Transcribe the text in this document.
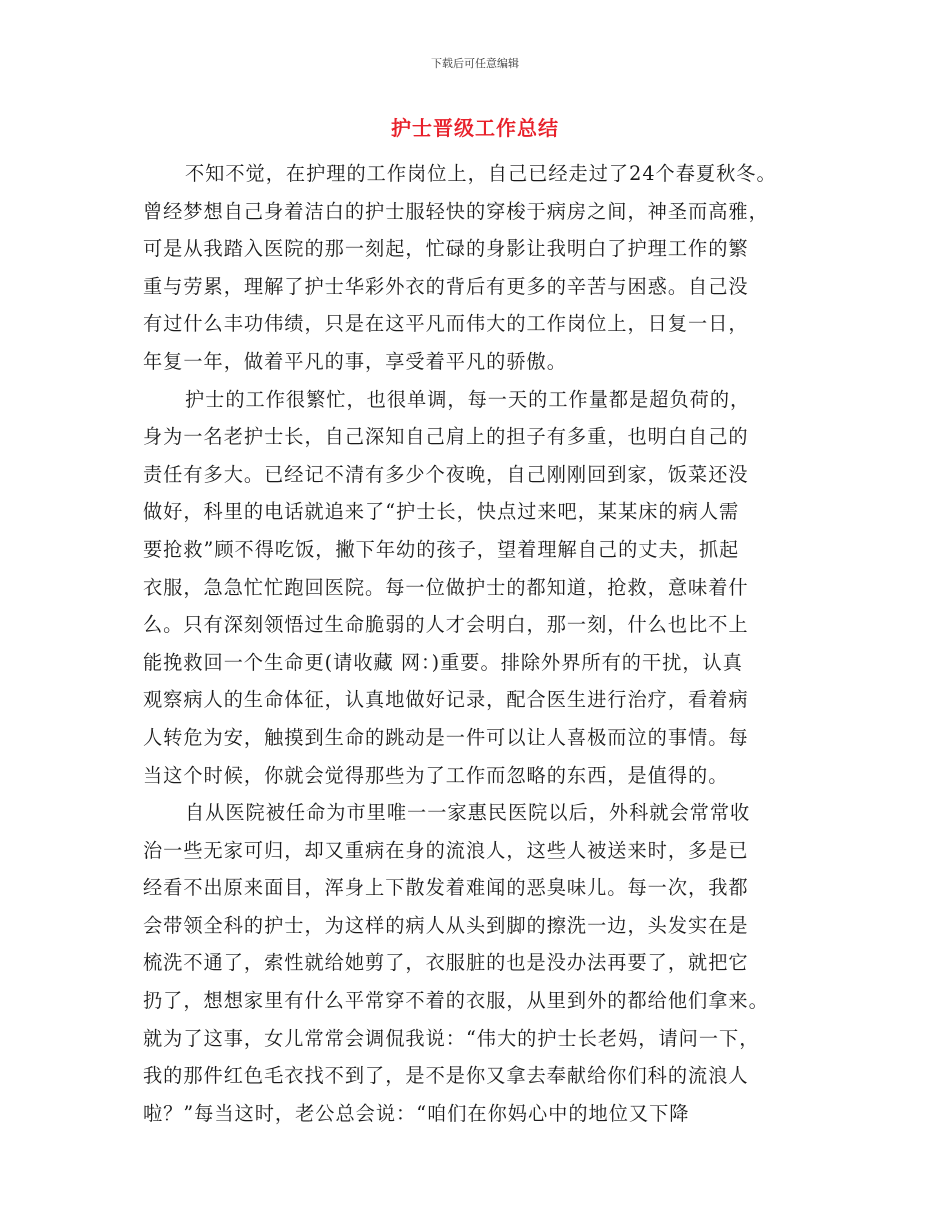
下载后可任意编辑
护士晋级工作总结
不知不觉，在护理的工作岗位上，自己已经走过了24个春夏秋冬。
曾经梦想自己身着洁白的护士服轻快的穿梭于病房之间，神圣而高雅，
可是从我踏入医院的那一刻起，忙碌的身影让我明白了护理工作的繁
重与劳累，理解了护士华彩外衣的背后有更多的辛苦与困惑。自己没
有过什么丰功伟绩，只是在这平凡而伟大的工作岗位上，日复一日，
年复一年，做着平凡的事，享受着平凡的骄傲。
护士的工作很繁忙，也很单调，每一天的工作量都是超负荷的，
身为一名老护士长，自己深知自己肩上的担子有多重，也明白自己的
责任有多大。已经记不清有多少个夜晚，自己刚刚回到家，饭菜还没
做好，科里的电话就追来了“护士长，快点过来吧，某某床的病人需
要抢救”顾不得吃饭，撇下年幼的孩子，望着理解自己的丈夫，抓起
衣服，急急忙忙跑回医院。每一位做护士的都知道，抢救，意味着什
么。只有深刻领悟过生命脆弱的人才会明白，那一刻，什么也比不上
能挽救回一个生命更(请收藏 网：)重要。排除外界所有的干扰，认真
观察病人的生命体征，认真地做好记录，配合医生进行治疗，看着病
人转危为安，触摸到生命的跳动是一件可以让人喜极而泣的事情。每
当这个时候，你就会觉得那些为了工作而忽略的东西，是值得的。
自从医院被任命为市里唯一一家惠民医院以后，外科就会常常收
治一些无家可归，却又重病在身的流浪人，这些人被送来时，多是已
经看不出原来面目，浑身上下散发着难闻的恶臭味儿。每一次，我都
会带领全科的护士，为这样的病人从头到脚的擦洗一边，头发实在是
梳洗不通了，索性就给她剪了，衣服脏的也是没办法再要了，就把它
扔了，想想家里有什么平常穿不着的衣服，从里到外的都给他们拿来。
就为了这事，女儿常常会调侃我说：“伟大的护士长老妈，请问一下，
我的那件红色毛衣找不到了，是不是你又拿去奉献给你们科的流浪人
啦？”每当这时，老公总会说：“咱们在你妈心中的地位又下降
